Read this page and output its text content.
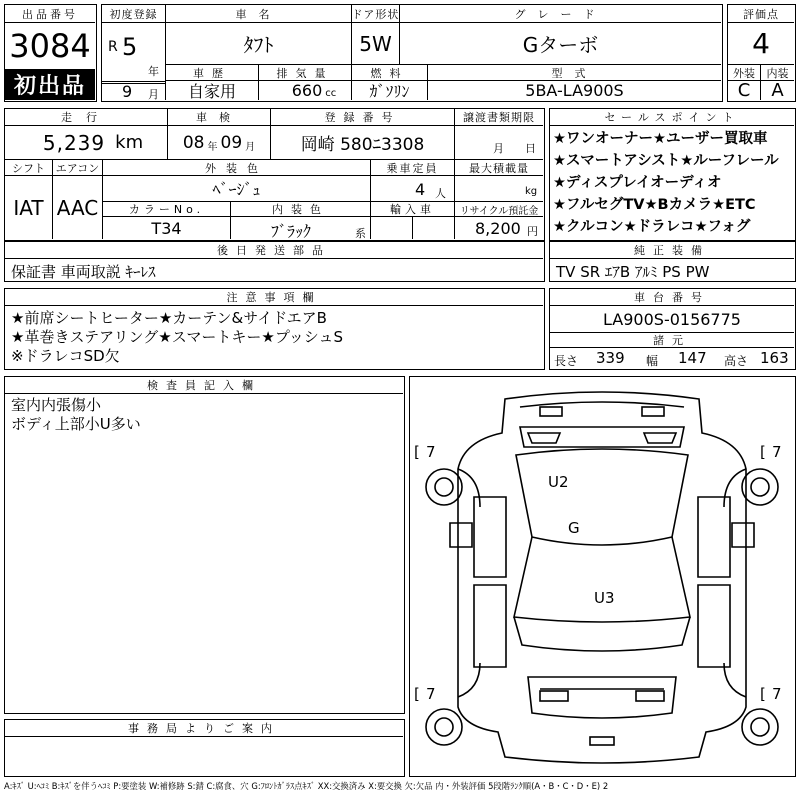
出品番号
3084
初出品
初度登録	車名	ドア形状	グレード
R 5
年
ﾀﾌﾄ	5W	Gターボ
車歴	排気量	燃料	型式
9 月	自家用	660 cc	ｶﾞｿﾘﾝ	5BA-LA900S
評価点
4
外装	内装
C	A
走行	車検	登録番号	譲渡書類期限
5,239 km 08 年 09 月	岡崎 580ﾆ3308	月 日
シフト エアコン	外装色	乗車定員	最大積載量
IAT AAC
ﾍﾞｰｼﾞｭ	4 人	kg
カラーNo.	内装色	輸入車	リサイクル預託金
T34	ﾌﾞﾗｯｸ	系	8,200 円
後日発送部品
保証書 車両取説 ｷｰﾚｽ
セールスポイント
★ワンオーナー★ユーザー買取車
★スマートアシスト★ルーフレール
★ディスプレイオーディオ
★フルセグTV★Bカメラ★ETC
★クルコン★ドラレコ★フォグ
純正装備
TV SR ｴｱB ｱﾙﾐ PS PW
注意事項欄
★前席シートヒーター★カーテン&サイドエアB
★革巻きステアリング★スマートキー★プッシュS
※ドラレコSD欠
車台番号
LA900S-0156775
諸元
長さ 339 幅 147 高さ 163
検査員記入欄
室内内張傷小
ボディ上部小U多い
事務局よりご案内
[ 7	[ 7
[ 7	[ 7
U2
G
U3
A:ｷｽﾞ U:ﾍｺﾐ B:ｷｽﾞを伴うﾍｺﾐ P:要塗装 W:補修跡 S:錆 C:腐食、穴 G:ﾌﾛﾝﾄｶﾞﾗｽ点ｷｽﾞ XX:交換済み X:要交換 欠:欠品 内・外装評価 5段階ﾗﾝｸ順(A・B・C・D・E) 2
